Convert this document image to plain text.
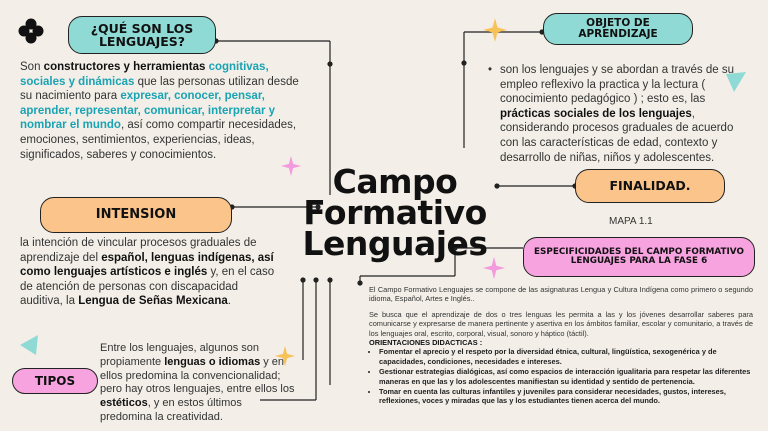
Campo
Formativo
Lenguajes
¿QUÉ SON LOS
LENGUAJES?
Son constructores y herramientas cognitivas, sociales y dinámicas que las personas utilizan desde su nacimiento para expresar, conocer, pensar, aprender, representar, comunicar, interpretar y nombrar el mundo, así como compartir necesidades, emociones, sentimientos, experiencias, ideas, significados, saberes y conocimientos.
OBJETO DE
APRENDIZAJE
• son los lenguajes y se abordan a través de su empleo reflexivo la practica y la lectura ( conocimiento pedagógico ) ; esto es, las prácticas sociales de los lenguajes, considerando procesos graduales de acuerdo con las características de edad, contexto y desarrollo de niñas, niños y adolescentes.
INTENSION
la intención de vincular procesos graduales de aprendizaje del español, lenguas indígenas, así como lenguajes artísticos e inglés y, en el caso de atención de personas con discapacidad auditiva, la Lengua de Señas Mexicana.
FINALIDAD.
MAPA 1.1
ESPECIFICIDADES DEL CAMPO FORMATIVO
LENGUAJES PARA LA FASE 6
El Campo Formativo Lenguajes se compone de las asignaturas Lengua y Cultura Indígena como primero o segundo idioma, Español, Artes e Inglés..
Se busca que el aprendizaje de dos o tres lenguas les permita a las y los jóvenes desarrollar saberes para comunicarse y expresarse de manera pertinente y asertiva en los ámbitos familiar, escolar y comunitario, a través de los lenguajes oral, escrito, corporal, visual, sonoro y háptico (táctil).
ORIENTACIONES DIDACTICAS :
• Fomentar el aprecio y el respeto por la diversidad étnica, cultural, lingüística, sexogenérica y de capacidades, condiciones, necesidades e intereses.
• Gestionar estrategias dialógicas, así como espacios de interacción igualitaria para respetar las diferentes maneras en que las y los adolescentes manifiestan su identidad y sentido de pertenencia.
• Tomar en cuenta las culturas infantiles y juveniles para considerar necesidades, gustos, intereses, reflexiones, voces y miradas que las y los estudiantes tienen acerca del mundo.
TIPOS
Entre los lenguajes, algunos son propiamente lenguas o idiomas y en ellos predomina la convencionalidad; pero hay otros lenguajes, entre ellos los estéticos, y en estos últimos predomina la creatividad.
